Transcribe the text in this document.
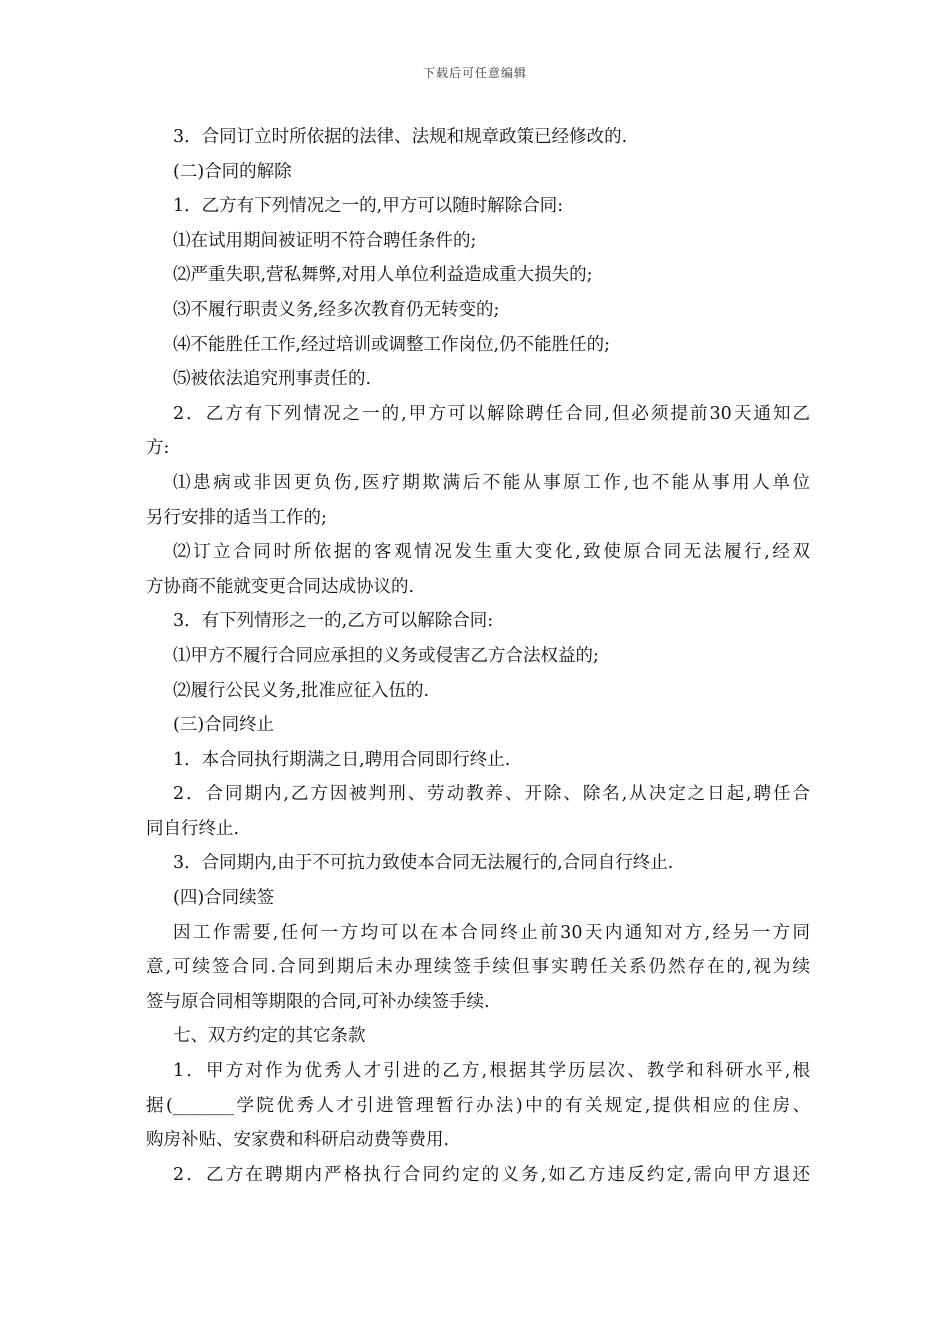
下载后可任意编辑

3．合同订立时所依据的法律、法规和规章政策已经修改的.

(二)合同的解除

1．乙方有下列情况之一的,甲方可以随时解除合同:

⑴在试用期间被证明不符合聘任条件的;

⑵严重失职,营私舞弊,对用人单位利益造成重大损失的;

⑶不履行职责义务,经多次教育仍无转变的;

⑷不能胜任工作,经过培训或调整工作岗位,仍不能胜任的;

⑸被依法追究刑事责任的.

2．乙方有下列情况之一的,甲方可以解除聘任合同,但必须提前30天通知乙

方:

⑴患病或非因更负伤,医疗期欺满后不能从事原工作,也不能从事用人单位

另行安排的适当工作的;

⑵订立合同时所依据的客观情况发生重大变化,致使原合同无法履行,经双

方协商不能就变更合同达成协议的.

3．有下列情形之一的,乙方可以解除合同:

⑴甲方不履行合同应承担的义务或侵害乙方合法权益的;

⑵履行公民义务,批准应征入伍的.

(三)合同终止

1．本合同执行期满之日,聘用合同即行终止.

2．合同期内,乙方因被判刑、劳动教养、开除、除名,从决定之日起,聘任合

同自行终止.

3．合同期内,由于不可抗力致使本合同无法履行的,合同自行终止.

(四)合同续签

因工作需要,任何一方均可以在本合同终止前30天内通知对方,经另一方同

意,可续签合同.合同到期后未办理续签手续但事实聘任关系仍然存在的,视为续

签与原合同相等期限的合同,可补办续签手续.

七、双方约定的其它条款

1．甲方对作为优秀人才引进的乙方,根据其学历层次、教学和科研水平,根

据(_______学院优秀人才引进管理暂行办法)中的有关规定,提供相应的住房、

购房补贴、安家费和科研启动费等费用.

2．乙方在聘期内严格执行合同约定的义务,如乙方违反约定,需向甲方退还
